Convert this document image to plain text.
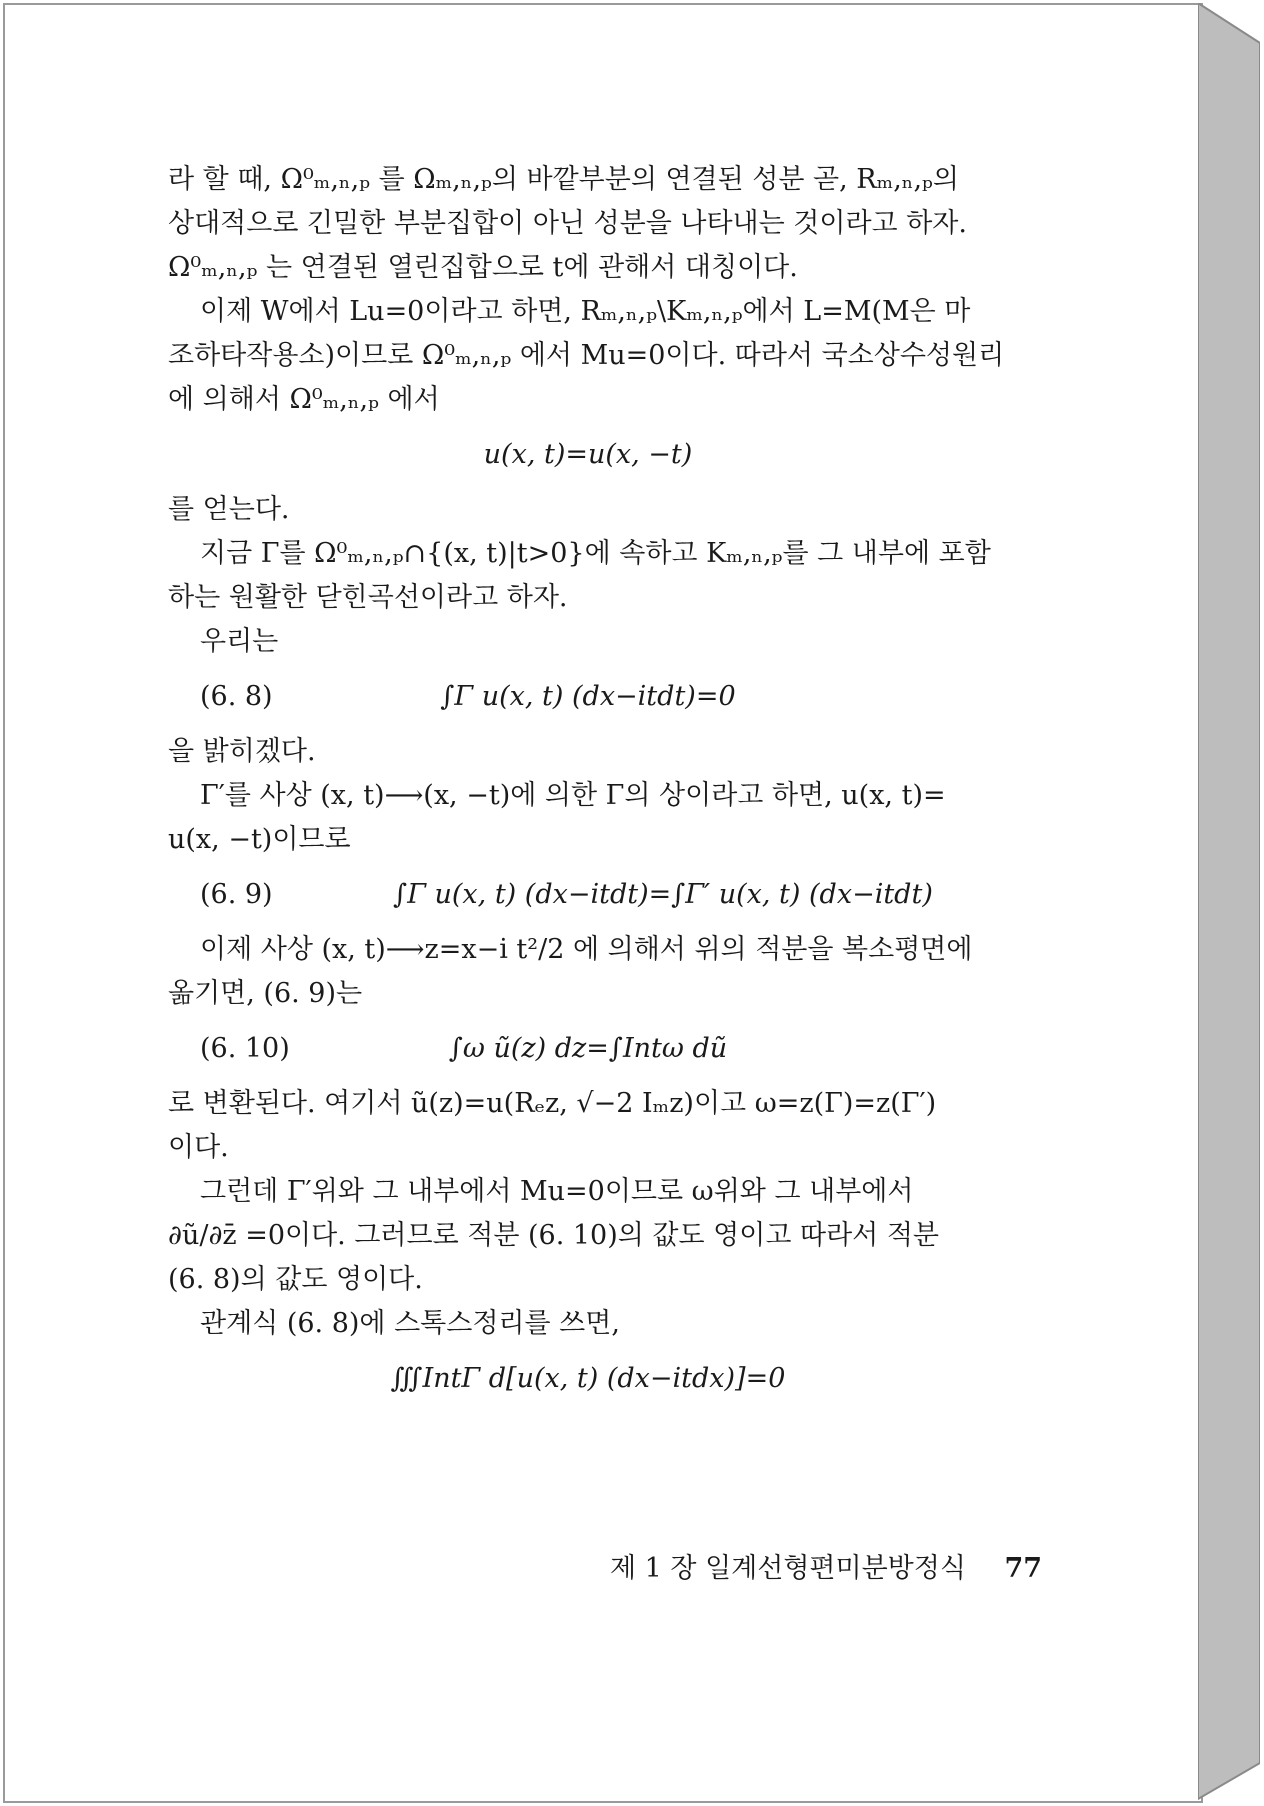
라 할 때, Ω⁰ₘ,ₙ,ₚ 를 Ωₘ,ₙ,ₚ의 바깥부분의 연결된 성분 곧, Rₘ,ₙ,ₚ의
상대적으로 긴밀한 부분집합이 아닌 성분을 나타내는 것이라고 하자.
Ω⁰ₘ,ₙ,ₚ 는 연결된 열린집합으로 t에 관해서 대칭이다.
이제 W에서 Lu=0이라고 하면, Rₘ,ₙ,ₚ\Kₘ,ₙ,ₚ에서 L=M(M은 마
조하타작용소)이므로 Ω⁰ₘ,ₙ,ₚ 에서 Mu=0이다. 따라서 국소상수성원리
에 의해서 Ω⁰ₘ,ₙ,ₚ 에서
u(x, t)=u(x, −t)
를 얻는다.
지금 Γ를 Ω⁰ₘ,ₙ,ₚ∩{(x, t)|t>0}에 속하고 Kₘ,ₙ,ₚ를 그 내부에 포함
하는 원활한 닫힌곡선이라고 하자.
우리는
(6. 8)	∫Γ u(x, t) (dx−itdt)=0
을 밝히겠다.
Γ′를 사상 (x, t)⟶(x, −t)에 의한 Γ의 상이라고 하면, u(x, t)=
u(x, −t)이므로
(6. 9)	∫Γ u(x, t) (dx−itdt)=∫Γ′ u(x, t) (dx−itdt)
이제 사상 (x, t)⟶z=x−i t²/2 에 의해서 위의 적분을 복소평면에
옮기면, (6. 9)는
(6. 10)	∫ω ũ(z) dz=∫Intω dũ
로 변환된다. 여기서 ũ(z)=u(Rₑz, √−2 Iₘz)이고 ω=z(Γ)=z(Γ′)
이다.
그런데 Γ′위와 그 내부에서 Mu=0이므로 ω위와 그 내부에서
∂ũ/∂z̄ =0이다. 그러므로 적분 (6. 10)의 값도 영이고 따라서 적분
(6. 8)의 값도 영이다.
관계식 (6. 8)에 스톡스정리를 쓰면,
∭IntΓ d[u(x, t) (dx−itdx)]=0
제 1 장 일계선형편미분방정식 77
